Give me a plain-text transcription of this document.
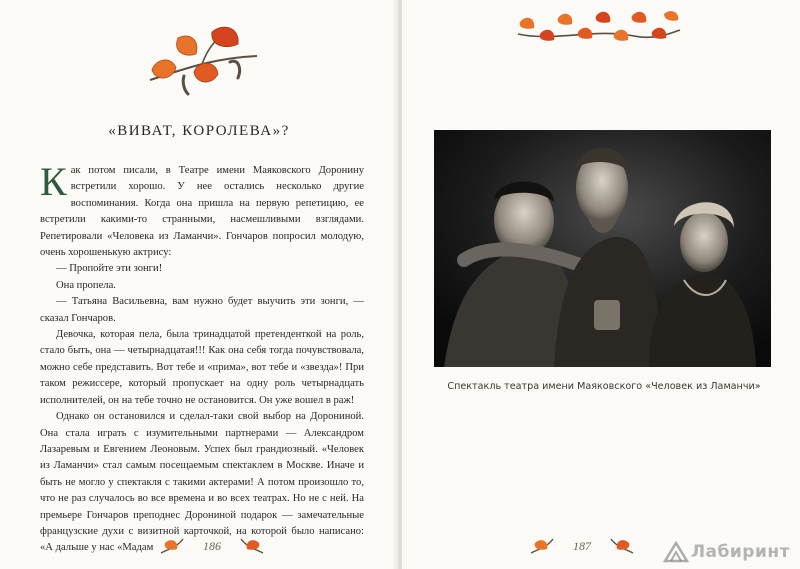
«ВИВАТ, КОРОЛЕВА»?

Как потом писали, в Театре имени Маяковского Доронину встретили хорошо. У нее остались несколько другие воспоминания. Когда она пришла на первую репетицию, ее встретили какими-то странными, насмешливыми взглядами. Репетировали «Человека из Ламанчи». Гончаров попросил молодую, очень хорошенькую актрису:

— Пропойте эти зонги!

Она пропела.

— Татьяна Васильевна, вам нужно будет выучить эти зонги, — сказал Гончаров.

Девочка, которая пела, была тринадцатой претенденткой на роль, стало быть, она — четырнадцатая!!! Как она себя тогда почувствовала, можно себе представить. Вот тебе и «прима», вот тебе и «звезда»! При таком режиссере, который пропускает на одну роль четырнадцать исполнителей, он на тебе точно не остановится. Он уже вошел в раж!

Однако он остановился и сделал-таки свой выбор на Дорониной. Она стала играть с изумительными партнерами — Александром Лазаревым и Евгением Леоновым. Успех был грандиозный. «Человек из Ламанчи» стал самым посещаемым спектаклем в Москве. Иначе и быть не могло у спектакля с такими актерами! А потом произошло то, что не раз случалось во все времена и во всех театрах. Но не с ней. На премьере Гончаров преподнес Дорониной подарок — замечательные французские духи с визитной карточкой, на которой было написано: «А дальше у нас «Мадам	186
Спектакль театра имени Маяковского «Человек из Ламанчи»
187	Лабиринт
